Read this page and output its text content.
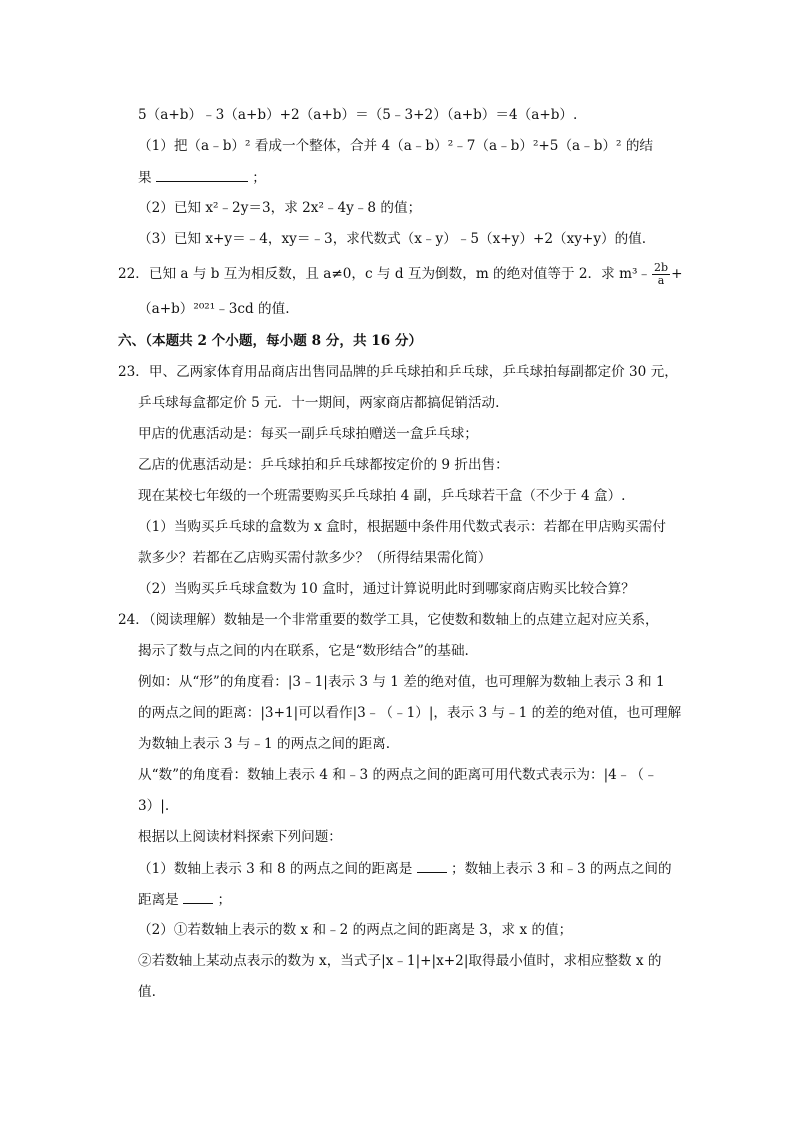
5（a+b）﹣3（a+b）+2（a+b）＝（5﹣3+2）（a+b）＝4（a+b）.
（1）把（a﹣b）² 看成一个整体，合并 4（a﹣b）²﹣7（a﹣b）²+5（a﹣b）² 的结
果	；
（2）已知 x²﹣2y＝3，求 2x²﹣4y﹣8 的值；
（3）已知 x+y＝﹣4，xy＝﹣3，求代数式（x﹣y）﹣5（x+y）+2（xy+y）的值.
22．已知 a 与 b 互为相反数，且 a≠0，c 与 d 互为倒数，m 的绝对值等于 2．求 m³﹣ $\frac{2b}{a}$ +
（a+b）²⁰²¹﹣3cd 的值.
六、（本题共 2 个小题，每小题 8 分，共 16 分）
23．甲、乙两家体育用品商店出售同品牌的乒乓球拍和乒乓球，乒乓球拍每副都定价 30 元，
乒乓球每盒都定价 5 元．十一期间，两家商店都搞促销活动.
甲店的优惠活动是：每买一副乒乓球拍赠送一盒乒乓球；
乙店的优惠活动是：乒乓球拍和乒乓球都按定价的 9 折出售：
现在某校七年级的一个班需要购买乒乓球拍 4 副，乒乓球若干盒（不少于 4 盒）.
（1）当购买乒乓球的盒数为 x 盒时，根据题中条件用代数式表示：若都在甲店购买需付
款多少？若都在乙店购买需付款多少？（所得结果需化简）
（2）当购买乒乓球盒数为 10 盒时，通过计算说明此时到哪家商店购买比较合算？
24．（阅读理解）数轴是一个非常重要的数学工具，它使数和数轴上的点建立起对应关系，
揭示了数与点之间的内在联系，它是“数形结合”的基础.
例如：从“形”的角度看：|3﹣1|表示 3 与 1 差的绝对值，也可理解为数轴上表示 3 和 1
的两点之间的距离：|3+1|可以看作|3﹣（﹣1）|，表示 3 与﹣1 的差的绝对值，也可理解
为数轴上表示 3 与﹣1 的两点之间的距离.
从“数”的角度看：数轴上表示 4 和﹣3 的两点之间的距离可用代数式表示为：|4﹣（﹣
3）|.
根据以上阅读材料探索下列问题：
（1）数轴上表示 3 和 8 的两点之间的距离是	；数轴上表示 3 和﹣3 的两点之间的
距离是	；
（2）①若数轴上表示的数 x 和﹣2 的两点之间的距离是 3，求 x 的值；
②若数轴上某动点表示的数为 x，当式子|x﹣1|+|x+2|取得最小值时，求相应整数 x 的
值.
